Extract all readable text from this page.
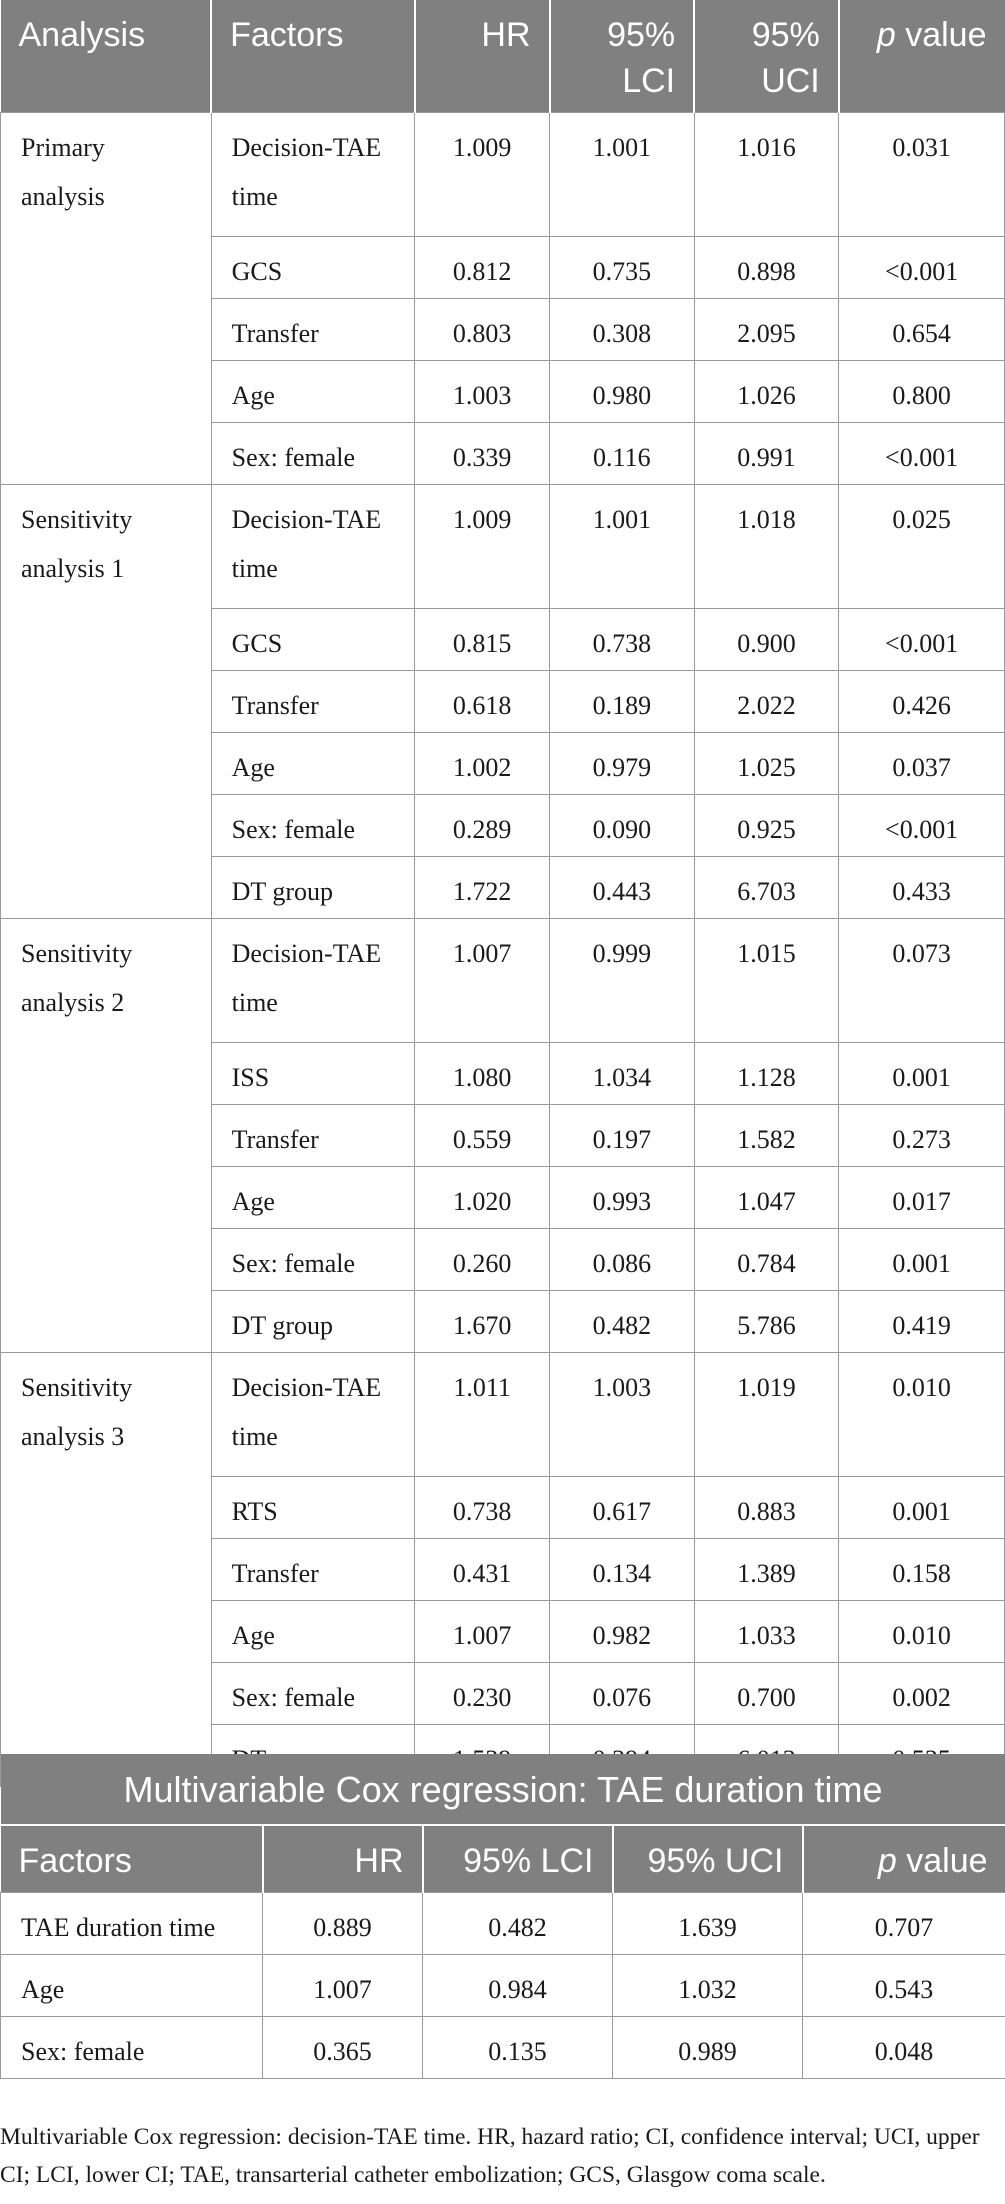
Analysis	Factors	HR	95% LCI	95% UCI	p value
Primary analysis	Decision-TAE time	1.009	1.001	1.016	0.031
	GCS	0.812	0.735	0.898	<0.001
	Transfer	0.803	0.308	2.095	0.654
	Age	1.003	0.980	1.026	0.800
	Sex: female	0.339	0.116	0.991	<0.001
Sensitivity analysis 1	Decision-TAE time	1.009	1.001	1.018	0.025
	GCS	0.815	0.738	0.900	<0.001
	Transfer	0.618	0.189	2.022	0.426
	Age	1.002	0.979	1.025	0.037
	Sex: female	0.289	0.090	0.925	<0.001
	DT group	1.722	0.443	6.703	0.433
Sensitivity analysis 2	Decision-TAE time	1.007	0.999	1.015	0.073
	ISS	1.080	1.034	1.128	0.001
	Transfer	0.559	0.197	1.582	0.273
	Age	1.020	0.993	1.047	0.017
	Sex: female	0.260	0.086	0.784	0.001
	DT group	1.670	0.482	5.786	0.419
Sensitivity analysis 3	Decision-TAE time	1.011	1.003	1.019	0.010
	RTS	0.738	0.617	0.883	0.001
	Transfer	0.431	0.134	1.389	0.158
	Age	1.007	0.982	1.033	0.010
	Sex: female	0.230	0.076	0.700	0.002

Multivariable Cox regression: TAE duration time				
Factors	HR	95% LCI	95% UCI	p value
TAE duration time	0.889	0.482	1.639	0.707
Age	1.007	0.984	1.032	0.543
Sex: female	0.365	0.135	0.989	0.048
Multivariable Cox regression: decision-TAE time. HR, hazard ratio; CI, confidence interval; UCI, upper CI; LCI, lower CI; TAE, transarterial catheter embolization; GCS, Glasgow coma scale.
